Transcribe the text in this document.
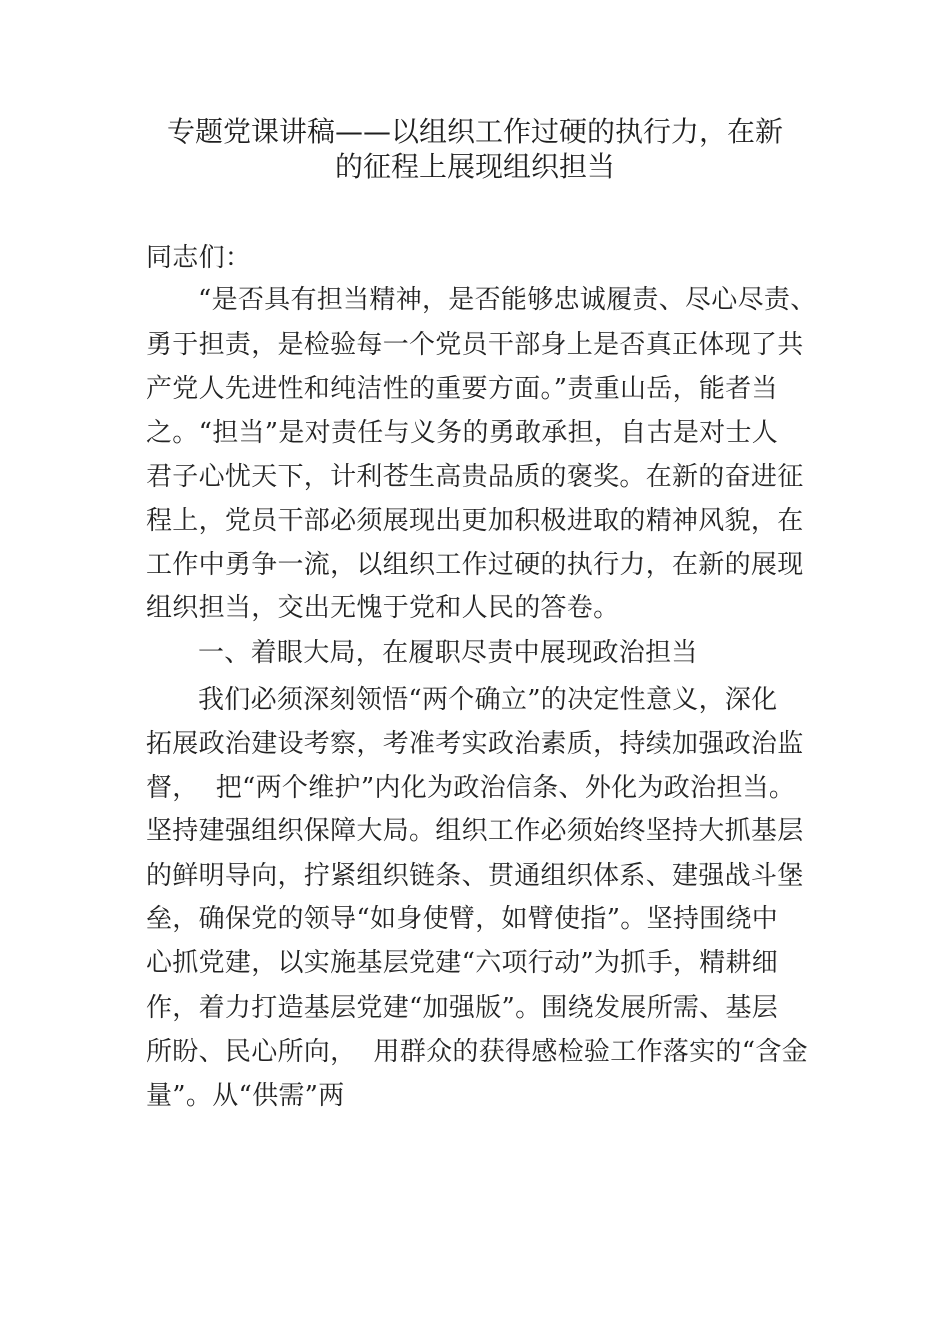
专题党课讲稿——以组织工作过硬的执行力，在新
的征程上展现组织担当
同志们：
“是否具有担当精神，是否能够忠诚履责、尽心尽责、
勇于担责，是检验每一个党员干部身上是否真正体现了共
产党人先进性和纯洁性的重要方面。”责重山岳，能者当
之。“担当”是对责任与义务的勇敢承担，自古是对士人
君子心忧天下，计利苍生高贵品质的褒奖。在新的奋进征
程上，党员干部必须展现出更加积极进取的精神风貌，在
工作中勇争一流，以组织工作过硬的执行力，在新的展现
组织担当，交出无愧于党和人民的答卷。
一、着眼大局，在履职尽责中展现政治担当
我们必须深刻领悟“两个确立”的决定性意义，深化
拓展政治建设考察，考准考实政治素质，持续加强政治监
督，  把“两个维护”内化为政治信条、外化为政治担当。
坚持建强组织保障大局。组织工作必须始终坚持大抓基层
的鲜明导向，拧紧组织链条、贯通组织体系、建强战斗堡
垒，确保党的领导“如身使臂，如臂使指”。坚持围绕中
心抓党建，以实施基层党建“六项行动”为抓手，精耕细
作，着力打造基层党建“加强版”。围绕发展所需、基层
所盼、民心所向，  用群众的获得感检验工作落实的“含金
量”。从“供需”两
